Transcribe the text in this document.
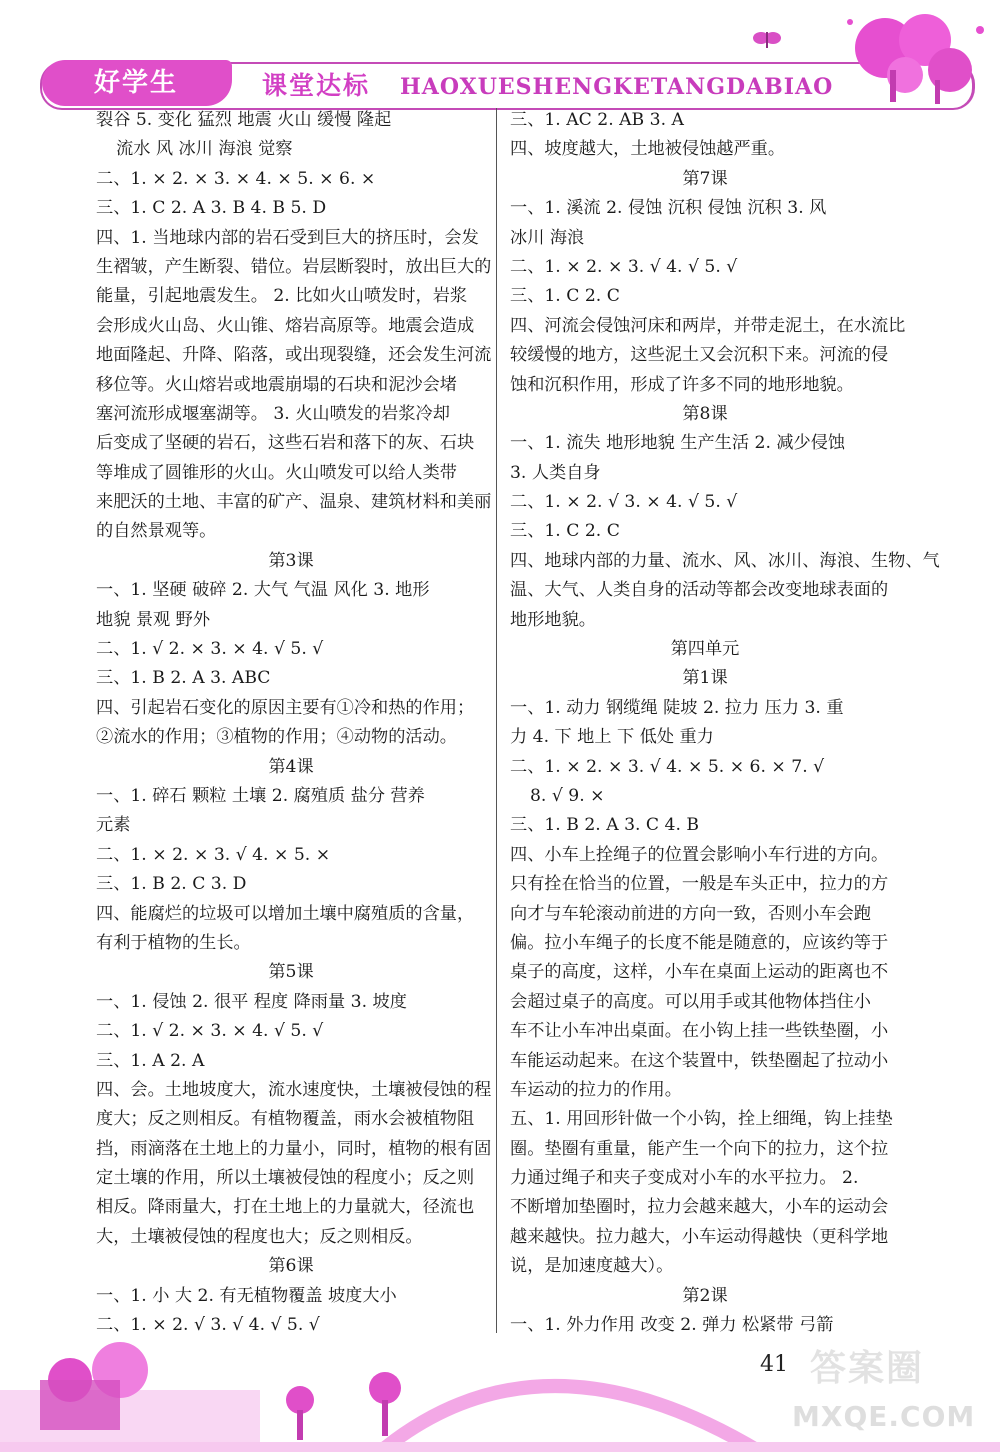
好学生	课堂达标 HAOXUESHENGKETANGDABIAO
裂谷 5. 变化 猛烈 地震 火山 缓慢 隆起
流水 风 冰川 海浪 觉察
二、1. × 2. × 3. × 4. × 5. × 6. ×
三、1. C 2. A 3. B 4. B 5. D
四、1. 当地球内部的岩石受到巨大的挤压时，会发
生褶皱，产生断裂、错位。岩层断裂时，放出巨大的
能量，引起地震发生。 2. 比如火山喷发时，岩浆
会形成火山岛、火山锥、熔岩高原等。地震会造成
地面隆起、升降、陷落，或出现裂缝，还会发生河流
移位等。火山熔岩或地震崩塌的石块和泥沙会堵
塞河流形成堰塞湖等。 3. 火山喷发的岩浆冷却
后变成了坚硬的岩石，这些石岩和落下的灰、石块
等堆成了圆锥形的火山。火山喷发可以给人类带
来肥沃的土地、丰富的矿产、温泉、建筑材料和美丽
的自然景观等。
第3课
一、1. 坚硬 破碎 2. 大气 气温 风化 3. 地形
地貌 景观 野外
二、1. √ 2. × 3. × 4. √ 5. √
三、1. B 2. A 3. ABC
四、引起岩石变化的原因主要有①冷和热的作用；
②流水的作用；③植物的作用；④动物的活动。
第4课
一、1. 碎石 颗粒 土壤 2. 腐殖质 盐分 营养
元素
二、1. × 2. × 3. √ 4. × 5. ×
三、1. B 2. C 3. D
四、能腐烂的垃圾可以增加土壤中腐殖质的含量，
有利于植物的生长。
第5课
一、1. 侵蚀 2. 很平 程度 降雨量 3. 坡度
二、1. √ 2. × 3. × 4. √ 5. √
三、1. A 2. A
四、会。土地坡度大，流水速度快，土壤被侵蚀的程
度大；反之则相反。有植物覆盖，雨水会被植物阻
挡，雨滴落在土地上的力量小，同时，植物的根有固
定土壤的作用，所以土壤被侵蚀的程度小；反之则
相反。降雨量大，打在土地上的力量就大，径流也
大，土壤被侵蚀的程度也大；反之则相反。
第6课
一、1. 小 大 2. 有无植物覆盖 坡度大小
二、1. × 2. √ 3. √ 4. √ 5. √
三、1. AC 2. AB 3. A
四、坡度越大，土地被侵蚀越严重。
第7课
一、1. 溪流 2. 侵蚀 沉积 侵蚀 沉积 3. 风
冰川 海浪
二、1. × 2. × 3. √ 4. √ 5. √
三、1. C 2. C
四、河流会侵蚀河床和两岸，并带走泥土，在水流比
较缓慢的地方，这些泥土又会沉积下来。河流的侵
蚀和沉积作用，形成了许多不同的地形地貌。
第8课
一、1. 流失 地形地貌 生产生活 2. 减少侵蚀
3. 人类自身
二、1. × 2. √ 3. × 4. √ 5. √
三、1. C 2. C
四、地球内部的力量、流水、风、冰川、海浪、生物、气
温、大气、人类自身的活动等都会改变地球表面的
地形地貌。
第四单元
第1课
一、1. 动力 钢缆绳 陡坡 2. 拉力 压力 3. 重
力 4. 下 地上 下 低处 重力
二、1. × 2. × 3. √ 4. × 5. × 6. × 7. √
8. √ 9. ×
三、1. B 2. A 3. C 4. B
四、小车上拴绳子的位置会影响小车行进的方向。
只有拴在恰当的位置，一般是车头正中，拉力的方
向才与车轮滚动前进的方向一致，否则小车会跑
偏。拉小车绳子的长度不能是随意的，应该约等于
桌子的高度，这样，小车在桌面上运动的距离也不
会超过桌子的高度。可以用手或其他物体挡住小
车不让小车冲出桌面。在小钩上挂一些铁垫圈，小
车能运动起来。在这个装置中，铁垫圈起了拉动小
车运动的拉力的作用。
五、1. 用回形针做一个小钩，拴上细绳，钩上挂垫
圈。垫圈有重量，能产生一个向下的拉力，这个拉
力通过绳子和夹子变成对小车的水平拉力。 2.
不断增加垫圈时，拉力会越来越大，小车的运动会
越来越快。拉力越大，小车运动得越快（更科学地
说，是加速度越大）。
第2课
一、1. 外力作用 改变 2. 弹力 松紧带 弓箭
41 答案圈
MXQE.COM
